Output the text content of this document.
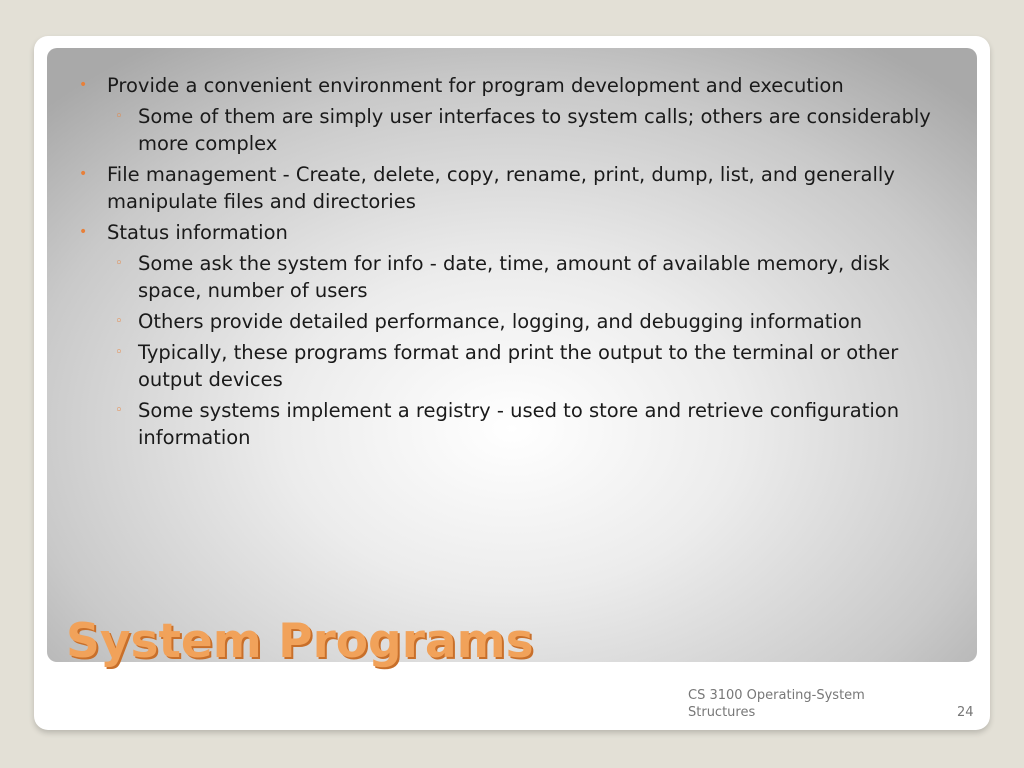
• Provide a convenient environment for program development and execution
◦ Some of them are simply user interfaces to system calls; others are considerably more complex
• File management - Create, delete, copy, rename, print, dump, list, and generally manipulate files and directories
• Status information
◦ Some ask the system for info - date, time, amount of available memory, disk space, number of users
◦ Others provide detailed performance, logging, and debugging information
◦ Typically, these programs format and print the output to the terminal or other output devices
◦ Some systems implement a registry - used to store and retrieve configuration information
System Programs
CS 3100 Operating-System Structures	24
